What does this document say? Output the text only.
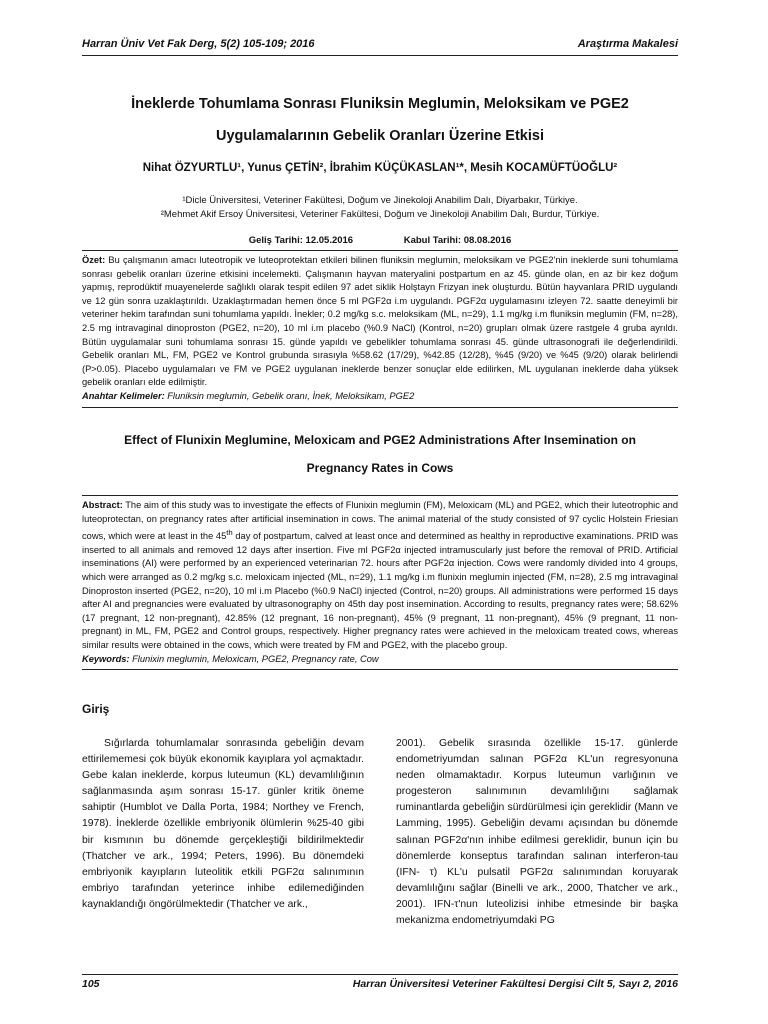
Harran Üniv Vet Fak Derg, 5(2) 105-109; 2016	Araştırma Makalesi
İneklerde Tohumlama Sonrası Fluniksin Meglumin, Meloksikam ve PGE2
Uygulamalarının Gebelik Oranları Üzerine Etkisi
Nihat ÖZYURTLU¹, Yunus ÇETİN², İbrahim KÜÇÜKASLAN¹*, Mesih KOCAMÜFTÜOĞLU²
¹Dicle Üniversitesi, Veteriner Fakültesi, Doğum ve Jinekoloji Anabilim Dalı, Diyarbakır, Türkiye.
²Mehmet Akif Ersoy Üniversitesi, Veteriner Fakültesi, Doğum ve Jinekoloji Anabilim Dalı, Burdur, Türkiye.
Geliş Tarihi: 12.05.2016	Kabul Tarihi: 08.08.2016
Özet: Bu çalışmanın amacı luteotropik ve luteoprotektan etkileri bilinen fluniksin meglumin, meloksikam ve PGE2'nin ineklerde suni tohumlama sonrası gebelik oranları üzerine etkisini incelemekti. Çalışmanın hayvan materyalini postpartum en az 45. günde olan, en az bir kez doğum yapmış, reprodüktif muayenelerde sağlıklı olarak tespit edilen 97 adet siklik Holştayn Frizyan inek oluşturdu. Bütün hayvanlara PRID uygulandı ve 12 gün sonra uzaklaştırıldı. Uzaklaştırmadan hemen önce 5 ml PGF2α i.m uygulandı. PGF2α uygulamasını izleyen 72. saatte deneyimli bir veteriner hekim tarafından suni tohumlama yapıldı. İnekler; 0.2 mg/kg s.c. meloksikam (ML, n=29), 1.1 mg/kg i.m fluniksin meglumin (FM, n=28), 2.5 mg intravaginal dinoproston (PGE2, n=20), 10 ml i.m placebo (%0.9 NaCl) (Kontrol, n=20) grupları olmak üzere rastgele 4 gruba ayrıldı. Bütün uygulamalar suni tohumlama sonrası 15. günde yapıldı ve gebelikler tohumlama sonrası 45. günde ultrasonografi ile değerlendirildi. Gebelik oranları ML, FM, PGE2 ve Kontrol grubunda sırasıyla %58.62 (17/29), %42.85 (12/28), %45 (9/20) ve %45 (9/20) olarak belirlendi (P>0.05). Placebo uygulamaları ve FM ve PGE2 uygulanan ineklerde benzer sonuçlar elde edilirken, ML uygulanan ineklerde daha yüksek gebelik oranları elde edilmiştir.
Anahtar Kelimeler: Fluniksin meglumin, Gebelik oranı, İnek, Meloksikam, PGE2
Effect of Flunixin Meglumine, Meloxicam and PGE2 Administrations After Insemination on
Pregnancy Rates in Cows
Abstract: The aim of this study was to investigate the effects of Flunixin meglumin (FM), Meloxicam (ML) and PGE2, which their luteotrophic and luteoprotectan, on pregnancy rates after artificial insemination in cows. The animal material of the study consisted of 97 cyclic Holstein Friesian cows, which were at least in the 45th day of postpartum, calved at least once and determined as healthy in reproductive examinations. PRID was inserted to all animals and removed 12 days after insertion. Five ml PGF2α injected intramuscularly just before the removal of PRID. Artificial inseminations (AI) were performed by an experienced veterinarian 72. hours after PGF2α injection. Cows were randomly divided into 4 groups, which were arranged as 0.2 mg/kg s.c. meloxicam injected (ML, n=29), 1.1 mg/kg i.m flunixin meglumin injected (FM, n=28), 2.5 mg intravaginal Dinoproston inserted (PGE2, n=20), 10 ml i.m Placebo (%0.9 NaCl) injected (Control, n=20) groups. All administrations were performed 15 days after AI and pregnancies were evaluated by ultrasonography on 45th day post insemination. According to results, pregnancy rates were; 58.62% (17 pregnant, 12 non-pregnant), 42.85% (12 pregnant, 16 non-pregnant), 45% (9 pregnant, 11 non-pregnant), 45% (9 pregnant, 11 non-pregnant) in ML, FM, PGE2 and Control groups, respectively. Higher pregnancy rates were achieved in the meloxicam treated cows, whereas similar results were obtained in the cows, which were treated by FM and PGE2, with the placebo group.
Keywords: Flunixin meglumin, Meloxicam, PGE2, Pregnancy rate, Cow
Giriş
Sığırlarda tohumlamalar sonrasında gebeliğin devam ettirilememesi çok büyük ekonomik kayıplara yol açmaktadır. Gebe kalan ineklerde, korpus luteumun (KL) devamlılığının sağlanmasında aşım sonrası 15-17. günler kritik öneme sahiptir (Humblot ve Dalla Porta, 1984; Northey ve French, 1978). İneklerde özellikle embriyonik ölümlerin %25-40 gibi bir kısmının bu dönemde gerçekleştiği bildirilmektedir (Thatcher ve ark., 1994; Peters, 1996). Bu dönemdeki embriyonik kayıpların luteolitik etkili PGF2α salınımının embriyo tarafından yeterince inhibe edilemediğinden kaynaklandığı öngörülmektedir (Thatcher ve ark.,
2001). Gebelik sırasında özellikle 15-17. günlerde endometriyumdan salınan PGF2α KL'un regresyonuna neden olmamaktadır. Korpus luteumun varlığının ve progesteron salınımının devamlılığını sağlamak ruminantlarda gebeliğin sürdürülmesi için gereklidir (Mann ve Lamming, 1995). Gebeliğin devamı açısından bu dönemde salınan PGF2α'nın inhibe edilmesi gereklidir, bunun için bu dönemlerde konseptus tarafından salınan interferon-tau (IFN- τ) KL'u pulsatil PGF2α salınımından koruyarak devamlılığını sağlar (Binelli ve ark., 2000, Thatcher ve ark., 2001). IFN-τ'nun luteolizisi inhibe etmesinde bir başka mekanizma endometriyumdaki PG
105	Harran Üniversitesi Veteriner Fakültesi Dergisi Cilt 5, Sayı 2, 2016
